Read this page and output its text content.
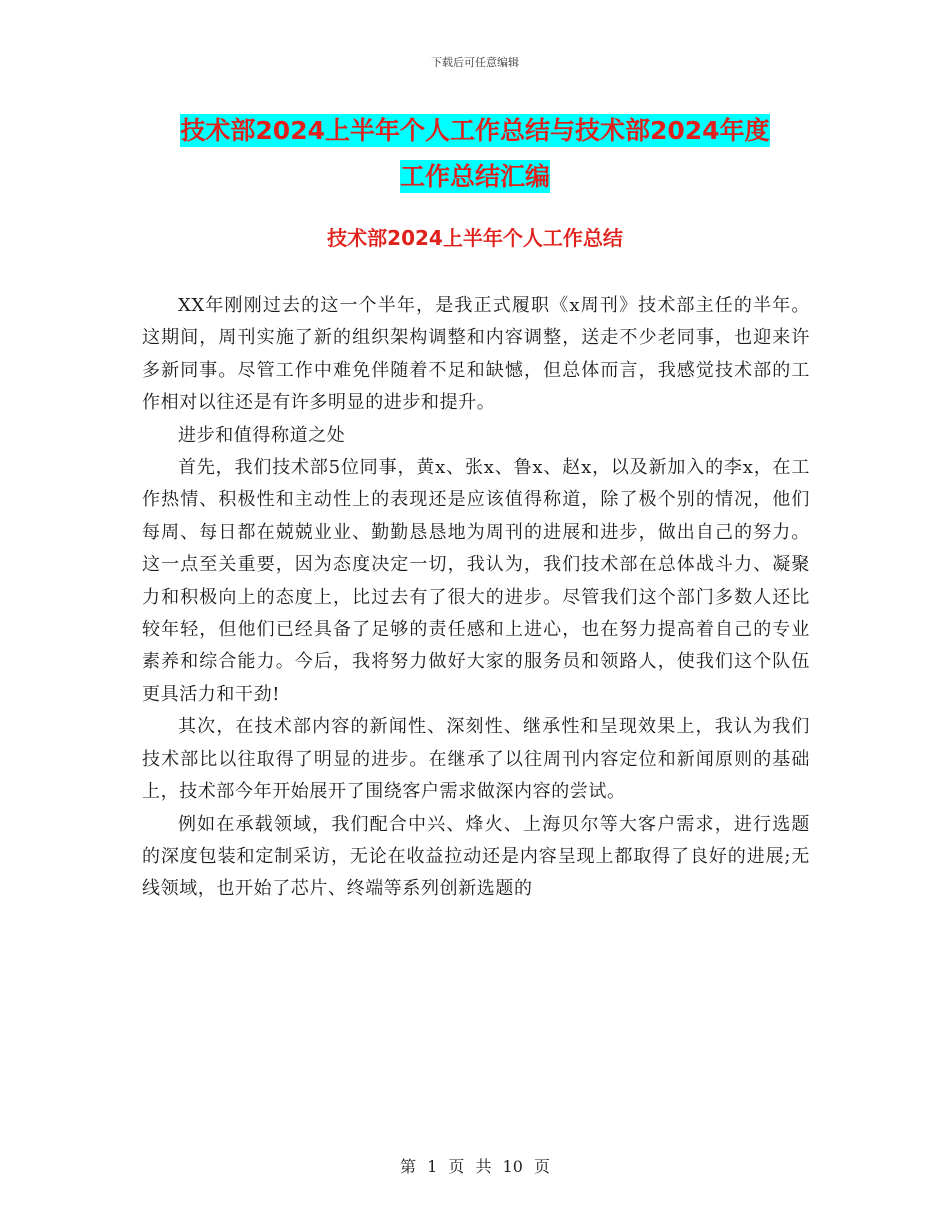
下载后可任意编辑
技术部2024上半年个人工作总结与技术部2024年度
工作总结汇编
技术部2024上半年个人工作总结

XX年刚刚过去的这一个半年，是我正式履职《x周刊》技术部主任的半年。这期间，周刊实施了新的组织架构调整和内容调整，送走不少老同事，也迎来许多新同事。尽管工作中难免伴随着不足和缺憾，但总体而言，我感觉技术部的工作相对以往还是有许多明显的进步和提升。

进步和值得称道之处

首先，我们技术部5位同事，黄x、张x、鲁x、赵x，以及新加入的李x，在工作热情、积极性和主动性上的表现还是应该值得称道，除了极个别的情况，他们每周、每日都在兢兢业业、勤勤恳恳地为周刊的进展和进步，做出自己的努力。这一点至关重要，因为态度决定一切，我认为，我们技术部在总体战斗力、凝聚力和积极向上的态度上，比过去有了很大的进步。尽管我们这个部门多数人还比较年轻，但他们已经具备了足够的责任感和上进心，也在努力提高着自己的专业素养和综合能力。今后，我将努力做好大家的服务员和领路人，使我们这个队伍更具活力和干劲!

其次，在技术部内容的新闻性、深刻性、继承性和呈现效果上，我认为我们技术部比以往取得了明显的进步。在继承了以往周刊内容定位和新闻原则的基础上，技术部今年开始展开了围绕客户需求做深内容的尝试。

例如在承载领域，我们配合中兴、烽火、上海贝尔等大客户需求，进行选题的深度包装和定制采访，无论在收益拉动还是内容呈现上都取得了良好的进展;无线领域，也开始了芯片、终端等系列创新选题的

第 1 页 共 10 页
